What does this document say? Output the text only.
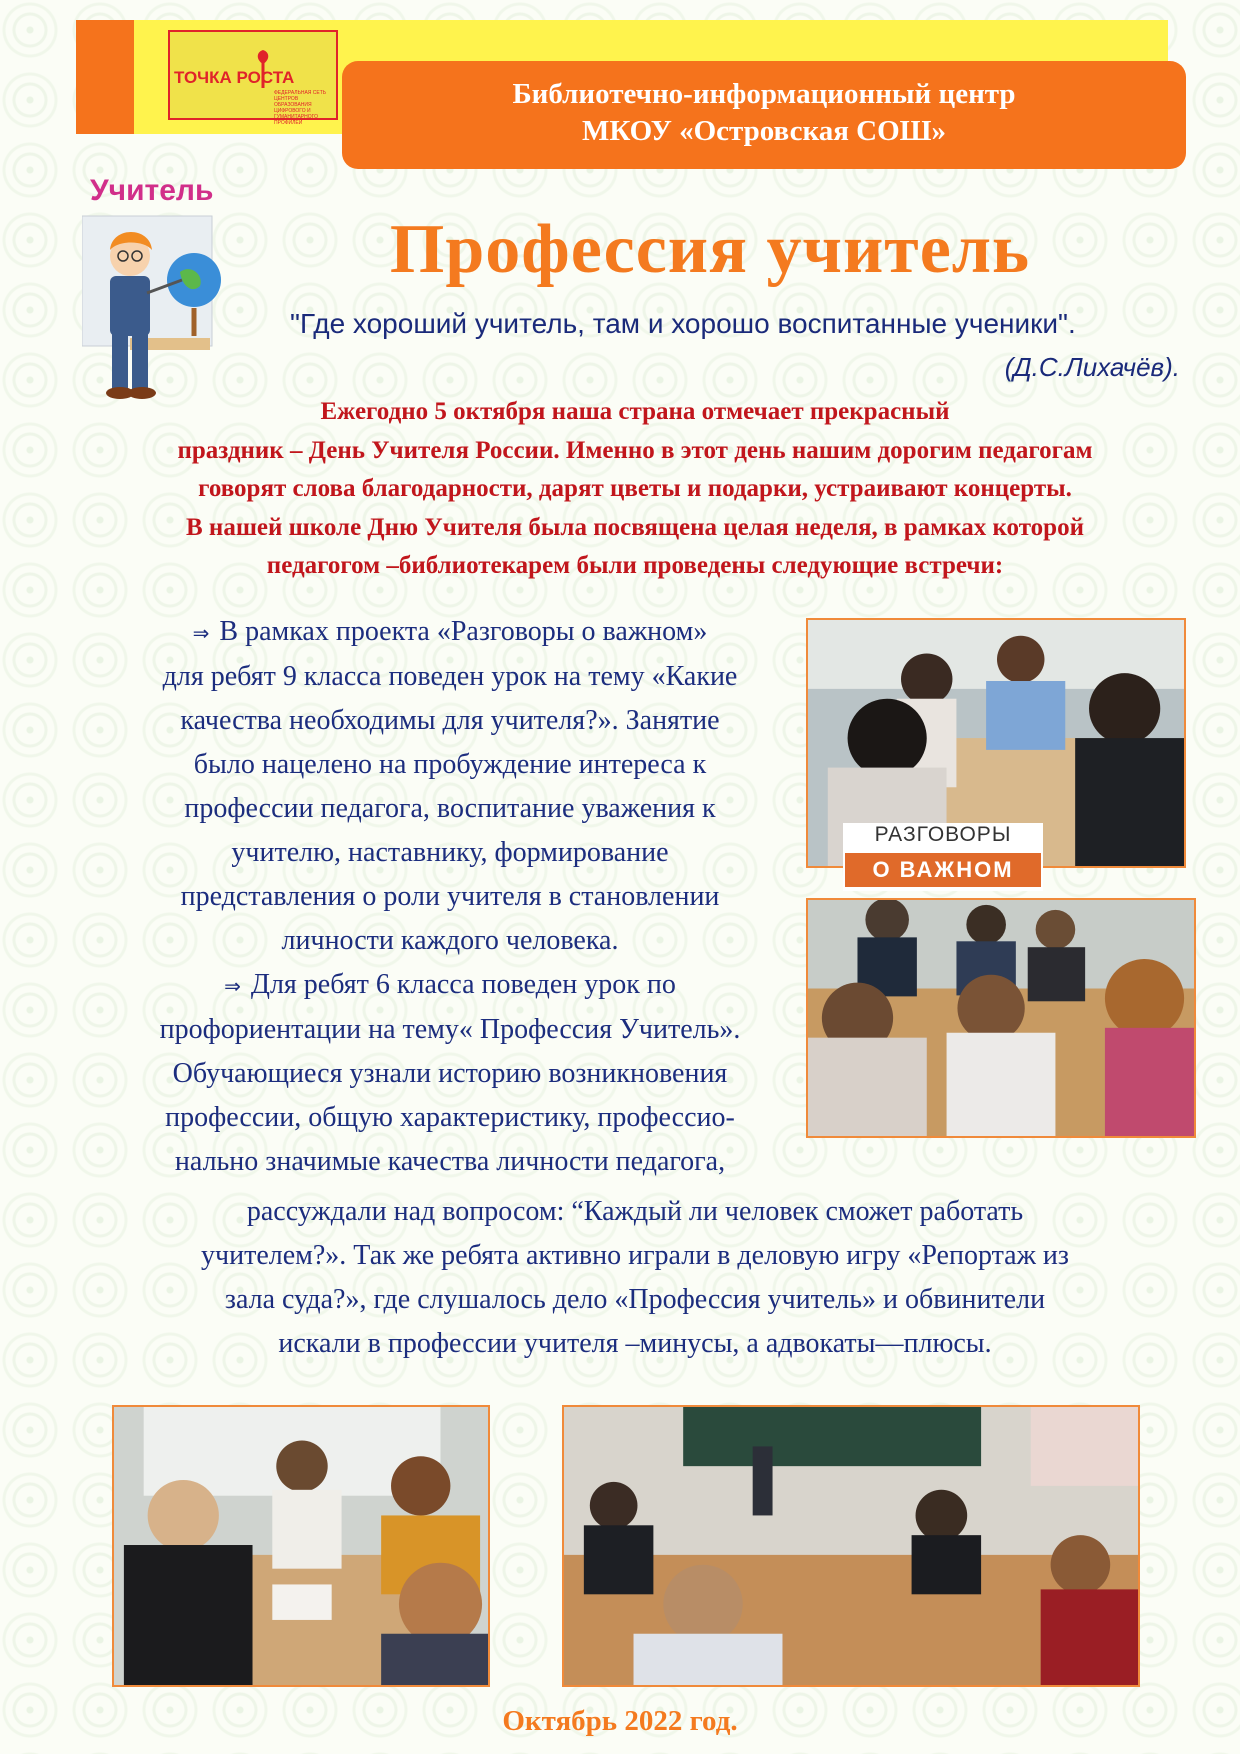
ТОЧКА РОСТА
ФЕДЕРАЛЬНАЯ СЕТЬ ЦЕНТРОВ ОБРАЗОВАНИЯ ЦИФРОВОГО И ГУМАНИТАРНОГО ПРОФИЛЕЙ
Библиотечно-информационный центр
МКОУ «Островская СОШ»
Учитель
Профессия учитель
"Где хороший учитель, там и хорошо воспитанные ученики".
(Д.С.Лихачёв).
Ежегодно 5 октября наша страна отмечает прекрасный
праздник – День Учителя России. Именно в этот день нашим дорогим педагогам
говорят слова благодарности, дарят цветы и подарки, устраивают концерты.
В нашей школе Дню Учителя была посвящена целая неделя, в рамках которой
педагогом –библиотекарем были проведены следующие встречи:
⇒ В рамках проекта «Разговоры о важном»
для ребят 9 класса поведен урок на тему «Какие
качества необходимы для учителя?». Занятие
было нацелено на пробуждение интереса к
профессии педагога, воспитание уважения к
учителю, наставнику, формирование
представления о роли учителя в становлении
личности каждого человека.
⇒ Для ребят 6 класса поведен урок по
профориентации на тему« Профессия Учитель».
Обучающиеся узнали историю возникновения
профессии, общую характеристику, профессио-
нально значимые качества личности педагога,
рассуждали над вопросом: “Каждый ли человек сможет работать
учителем?». Так же ребята активно играли в деловую игру «Репортаж из
зала суда?», где слушалось дело «Профессия учитель» и обвинители
искали в профессии учителя –минусы, а адвокаты—плюсы.
РАЗГОВОРЫ
О ВАЖНОМ
Октябрь 2022 год.
